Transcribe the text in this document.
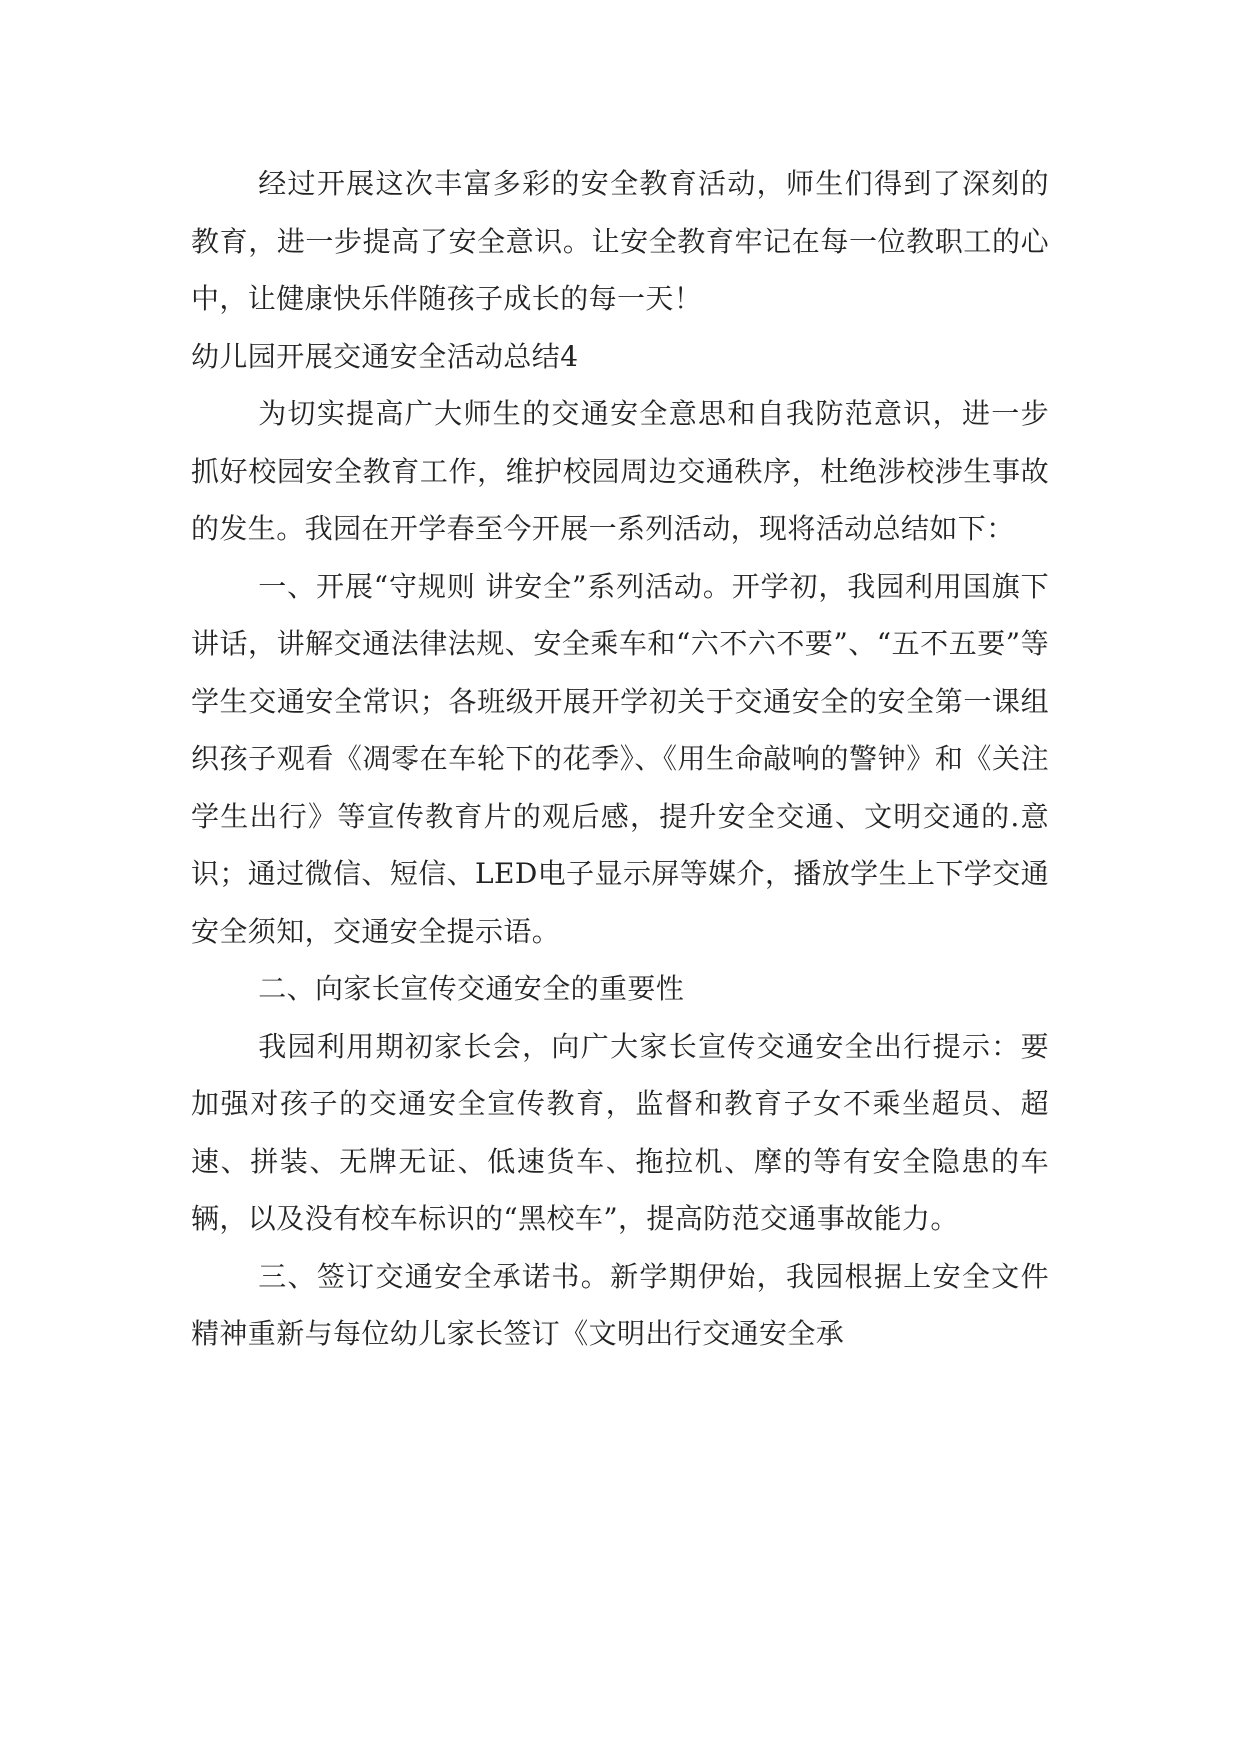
经过开展这次丰富多彩的安全教育活动，师生们得到了深刻的教育，进一步提高了安全意识。让安全教育牢记在每一位教职工的心中，让健康快乐伴随孩子成长的每一天！

幼儿园开展交通安全活动总结4

为切实提高广大师生的交通安全意思和自我防范意识，进一步抓好校园安全教育工作，维护校园周边交通秩序，杜绝涉校涉生事故的发生。我园在开学春至今开展一系列活动，现将活动总结如下：

一、开展“守规则 讲安全”系列活动。开学初，我园利用国旗下讲话，讲解交通法律法规、安全乘车和“六不六不要”、“五不五要”等学生交通安全常识；各班级开展开学初关于交通安全的安全第一课组织孩子观看《凋零在车轮下的花季》、《用生命敲响的警钟》和《关注学生出行》等宣传教育片的观后感，提升安全交通、文明交通的.意识；通过微信、短信、LED电子显示屏等媒介，播放学生上下学交通安全须知，交通安全提示语。

二、向家长宣传交通安全的重要性

我园利用期初家长会，向广大家长宣传交通安全出行提示：要加强对孩子的交通安全宣传教育，监督和教育子女不乘坐超员、超速、拼装、无牌无证、低速货车、拖拉机、摩的等有安全隐患的车辆，以及没有校车标识的“黑校车”，提高防范交通事故能力。

三、签订交通安全承诺书。新学期伊始，我园根据上安全文件精神重新与每位幼儿家长签订《文明出行交通安全承
